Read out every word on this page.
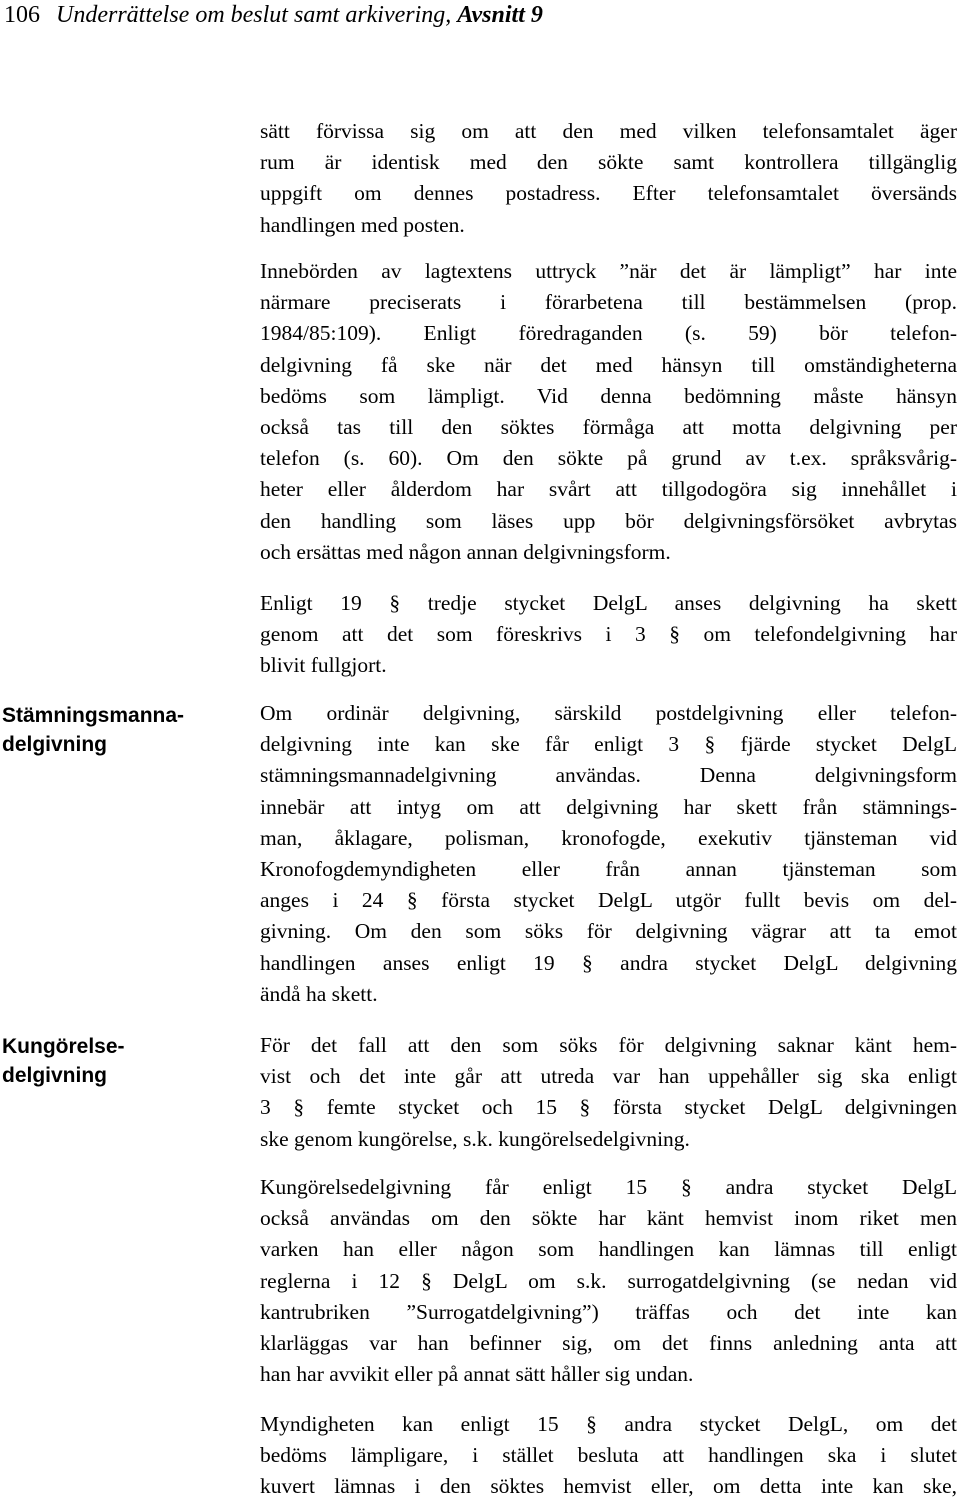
106 Underrättelse om beslut samt arkivering, Avsnitt 9
Stämningsmanna-
delgivning
Kungörelse-
delgivning
sätt förvissa sig om att den med vilken telefonsamtalet äger
rum är identisk med den sökte samt kontrollera tillgänglig
uppgift om dennes postadress. Efter telefonsamtalet översänds
handlingen med posten.
Innebörden av lagtextens uttryck ”när det är lämpligt” har inte
närmare preciserats i förarbetena till bestämmelsen (prop.
1984/85:109). Enligt föredraganden (s. 59) bör telefon-
delgivning få ske när det med hänsyn till omständigheterna
bedöms som lämpligt. Vid denna bedömning måste hänsyn
också tas till den söktes förmåga att motta delgivning per
telefon (s. 60). Om den sökte på grund av t.ex. språksvårig-
heter eller ålderdom har svårt att tillgodogöra sig innehållet i
den handling som läses upp bör delgivningsförsöket avbrytas
och ersättas med någon annan delgivningsform.
Enligt 19 § tredje stycket DelgL anses delgivning ha skett
genom att det som föreskrivs i 3 § om telefondelgivning har
blivit fullgjort.
Om ordinär delgivning, särskild postdelgivning eller telefon-
delgivning inte kan ske får enligt 3 § fjärde stycket DelgL
stämningsmannadelgivning användas. Denna delgivningsform
innebär att intyg om att delgivning har skett från stämnings-
man, åklagare, polisman, kronofogde, exekutiv tjänsteman vid
Kronofogdemyndigheten eller från annan tjänsteman som
anges i 24 § första stycket DelgL utgör fullt bevis om del-
givning. Om den som söks för delgivning vägrar att ta emot
handlingen anses enligt 19 § andra stycket DelgL delgivning
ändå ha skett.
För det fall att den som söks för delgivning saknar känt hem-
vist och det inte går att utreda var han uppehåller sig ska enligt
3 § femte stycket och 15 § första stycket DelgL delgivningen
ske genom kungörelse, s.k. kungörelsedelgivning.
Kungörelsedelgivning får enligt 15 § andra stycket DelgL
också användas om den sökte har känt hemvist inom riket men
varken han eller någon som handlingen kan lämnas till enligt
reglerna i 12 § DelgL om s.k. surrogatdelgivning (se nedan vid
kantrubriken ”Surrogatdelgivning”) träffas och det inte kan
klarläggas var han befinner sig, om det finns anledning anta att
han har avvikit eller på annat sätt håller sig undan.
Myndigheten kan enligt 15 § andra stycket DelgL, om det
bedöms lämpligare, i stället besluta att handlingen ska i slutet
kuvert lämnas i den söktes hemvist eller, om detta inte kan ske,
